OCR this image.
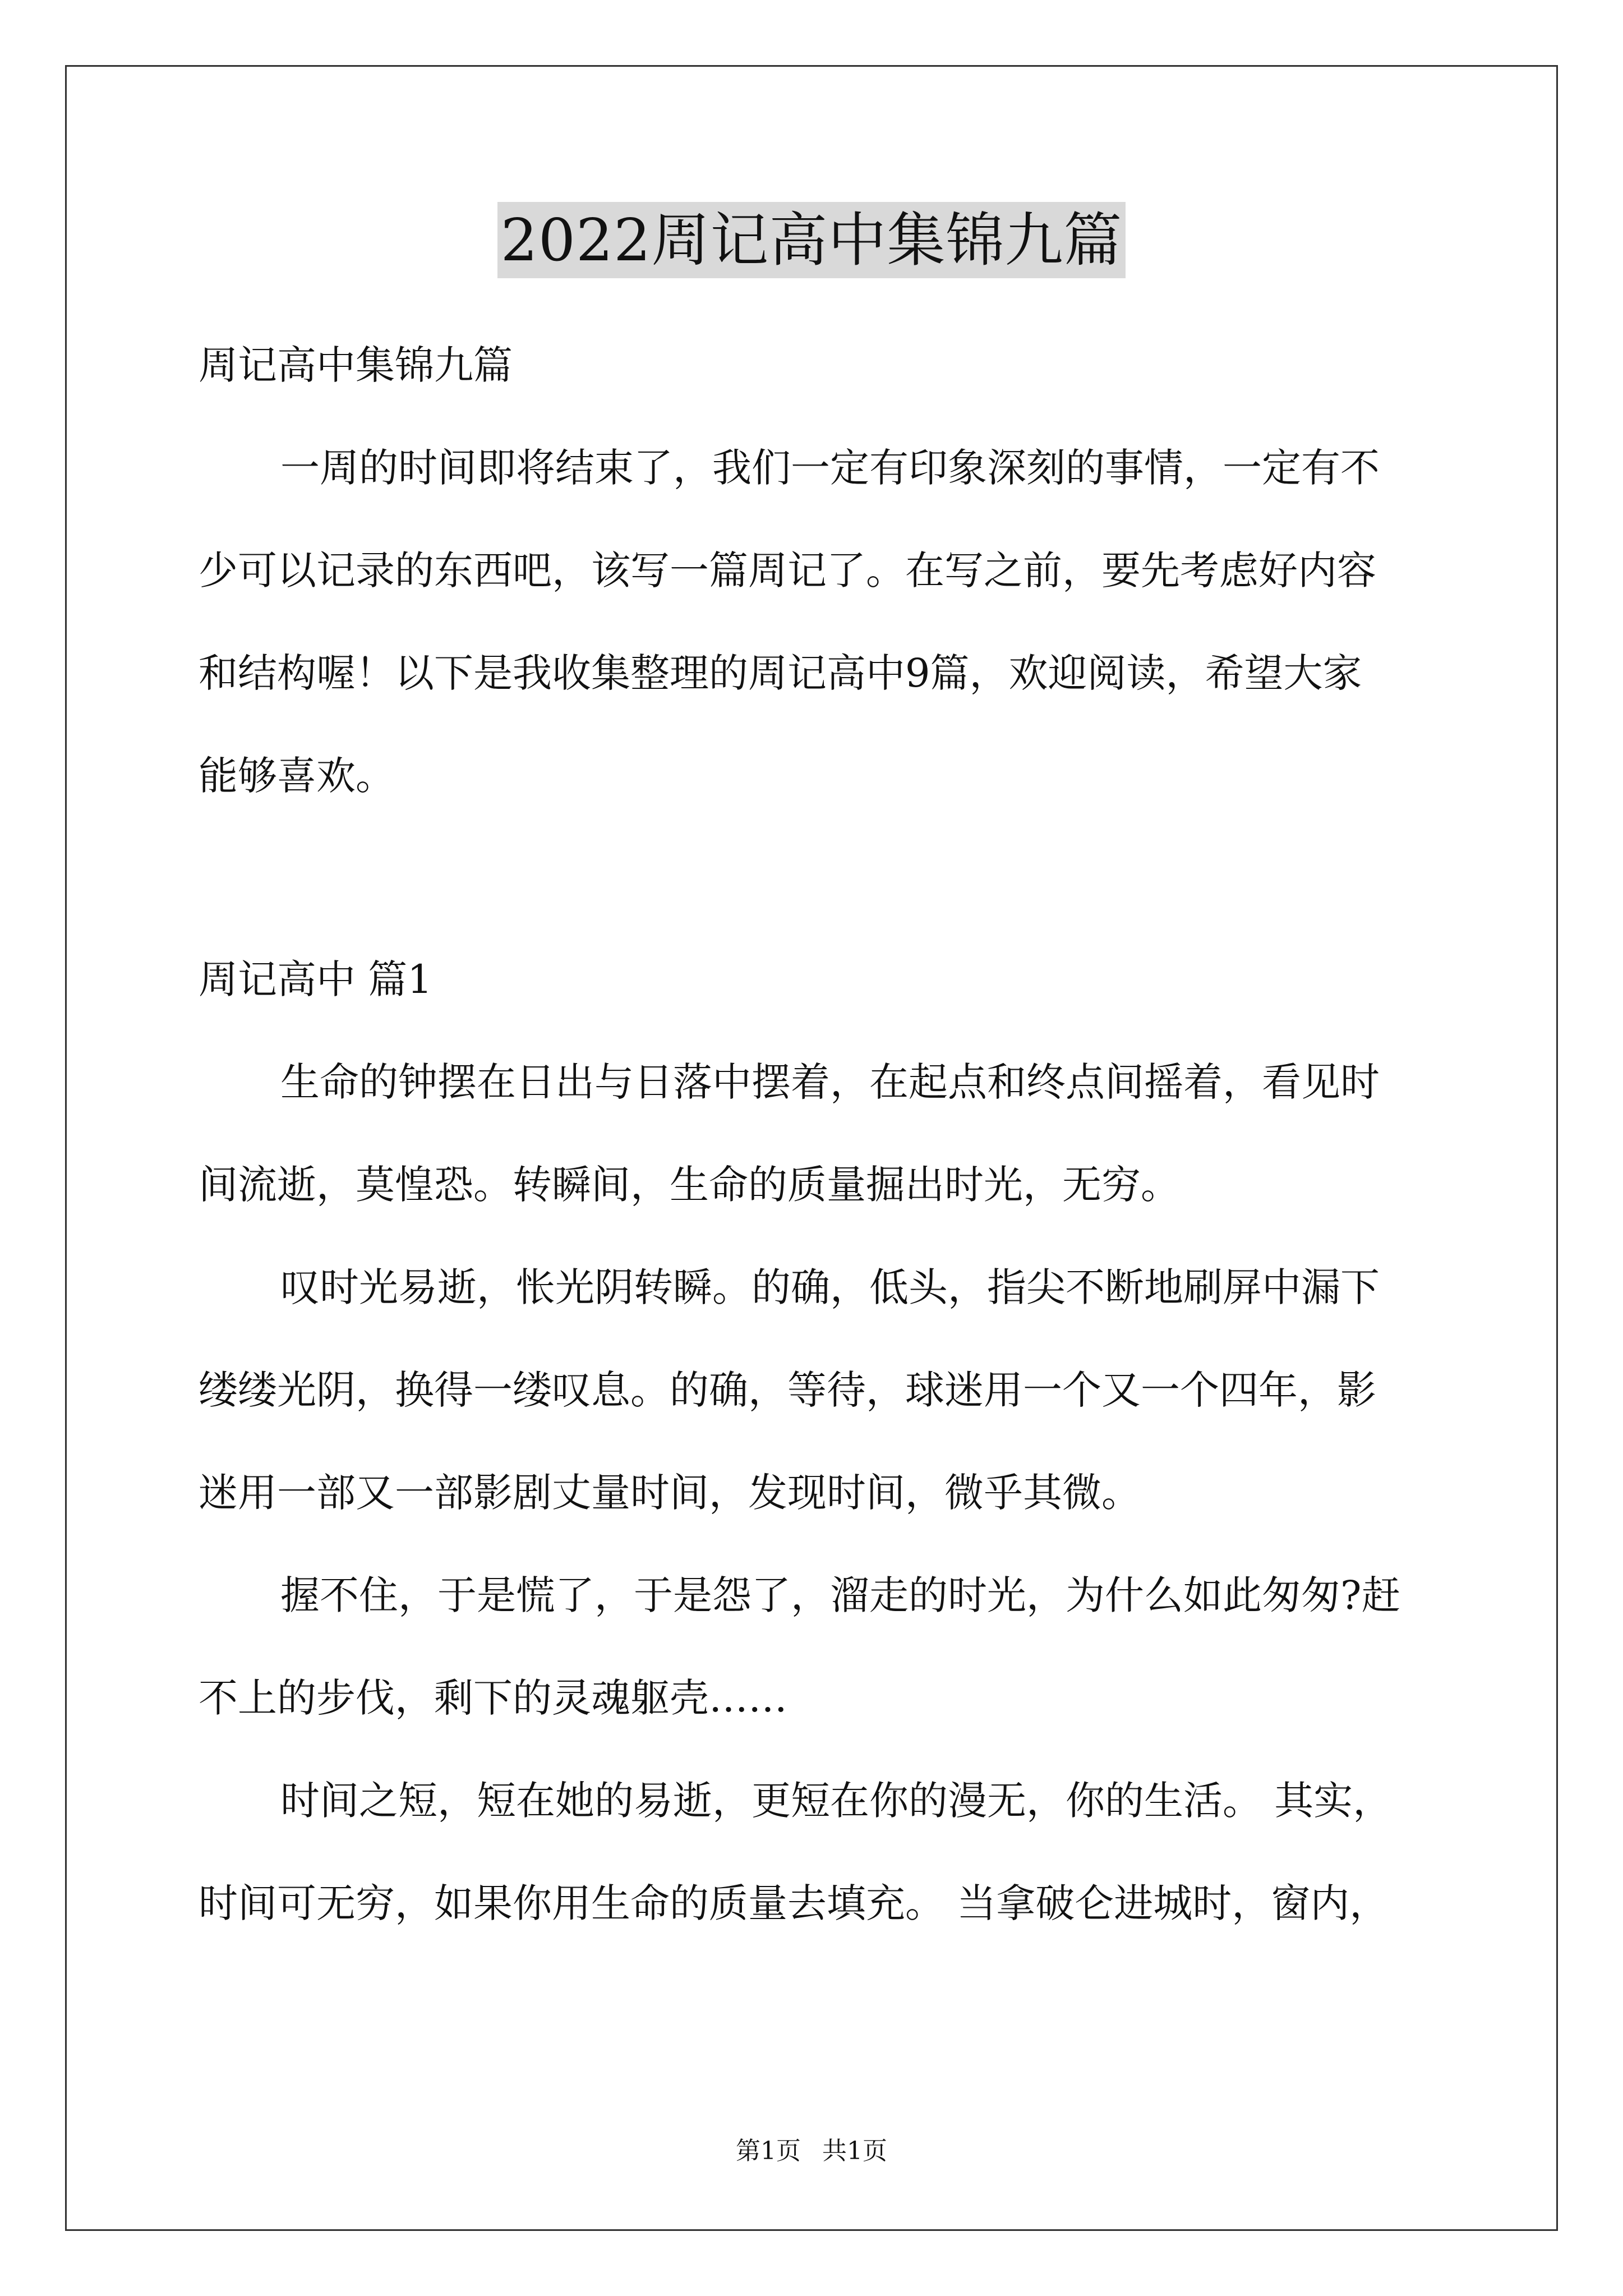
2022周记高中集锦九篇

周记高中集锦九篇

一周的时间即将结束了，我们一定有印象深刻的事情，一定有不

少可以记录的东西吧，该写一篇周记了。在写之前，要先考虑好内容

和结构喔！以下是我收集整理的周记高中9篇，欢迎阅读，希望大家

能够喜欢。

周记高中 篇1

生命的钟摆在日出与日落中摆着，在起点和终点间摇着，看见时

间流逝，莫惶恐。转瞬间，生命的质量掘出时光，无穷。

叹时光易逝，怅光阴转瞬。的确，低头，指尖不断地刷屏中漏下

缕缕光阴，换得一缕叹息。的确，等待，球迷用一个又一个四年，影

迷用一部又一部影剧丈量时间，发现时间，微乎其微。

握不住，于是慌了，于是怨了，溜走的时光，为什么如此匆匆?赶

不上的步伐，剩下的灵魂躯壳……

时间之短，短在她的易逝，更短在你的漫无，你的生活。 其实，

时间可无穷，如果你用生命的质量去填充。 当拿破仑进城时，窗内，

第1页 共1页
